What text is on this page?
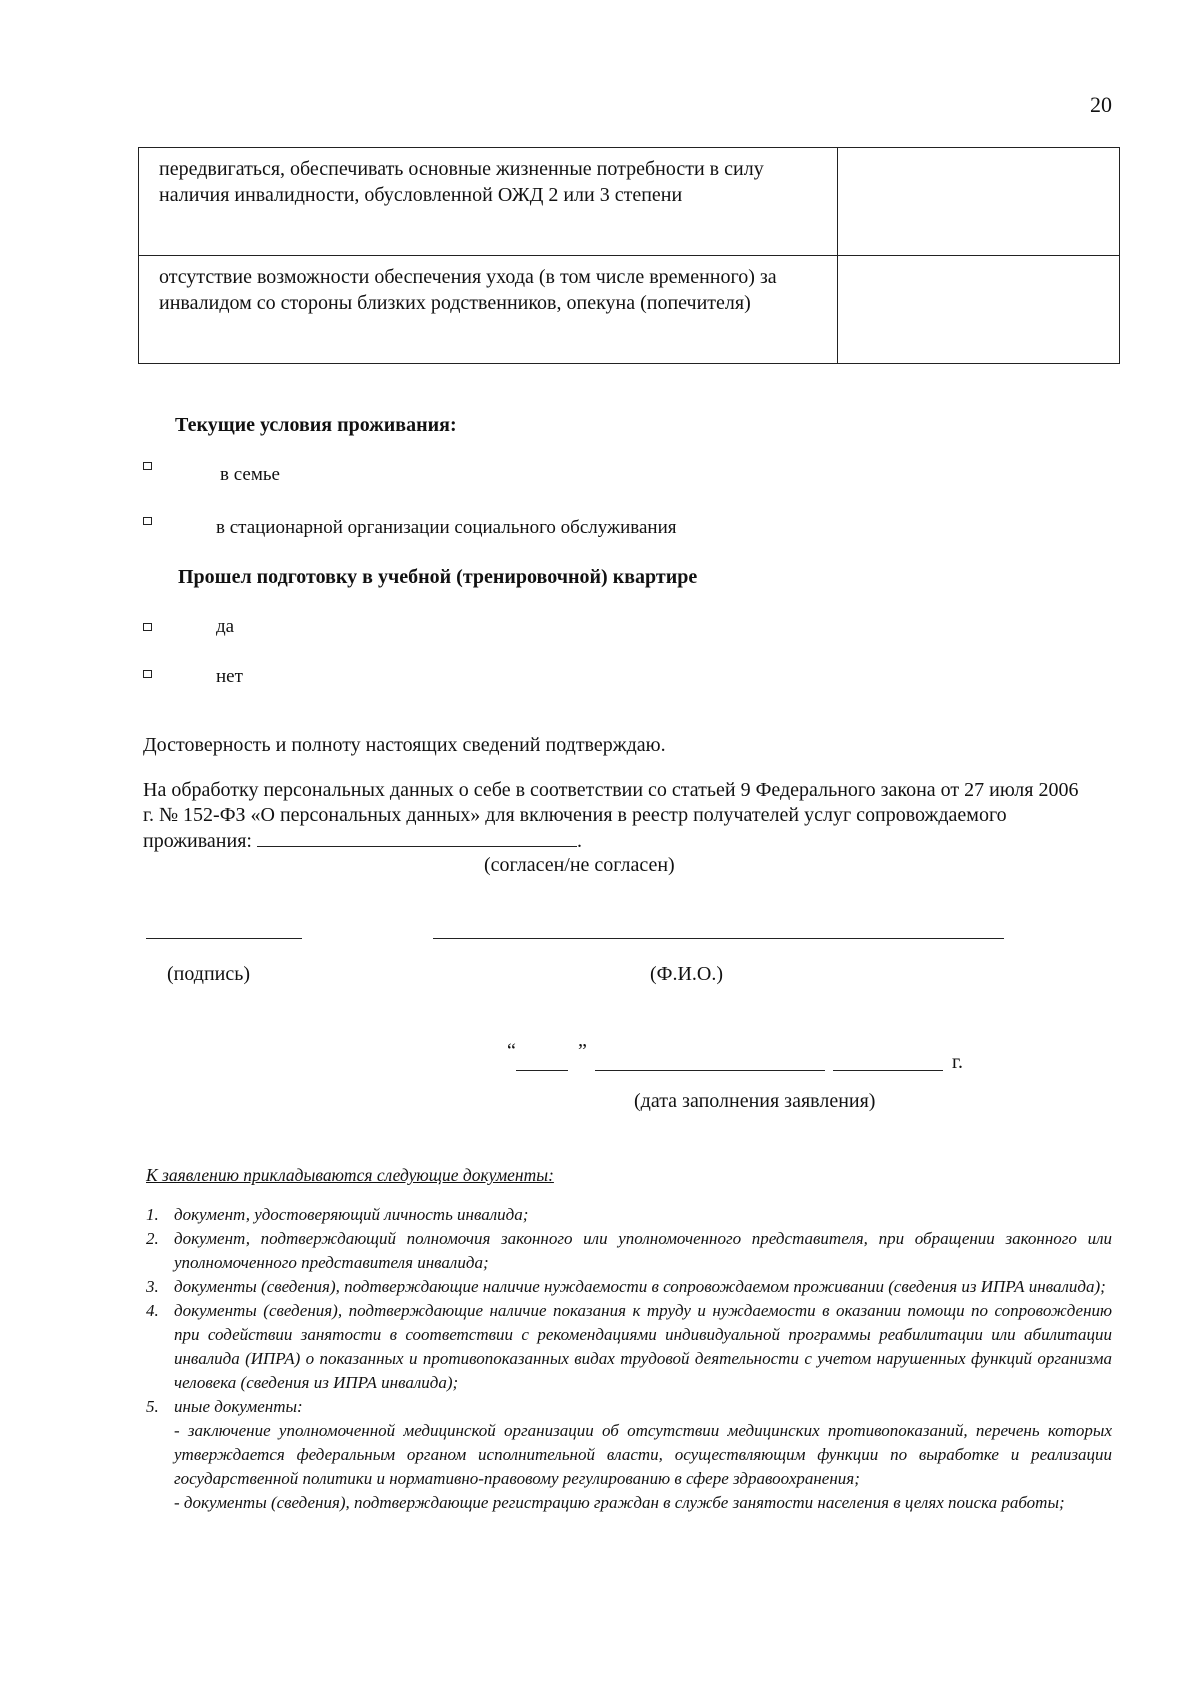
20
передвигаться, обеспечивать основные жизненные потребности в силу наличия инвалидности, обусловленной ОЖД 2 или 3 степени	
отсутствие возможности обеспечения ухода (в том числе временного) за инвалидом со стороны близких родственников, опекуна (попечителя)	
Текущие условия проживания:
в семье
в стационарной организации социального обслуживания
Прошел подготовку в учебной (тренировочной) квартире
да
нет
Достоверность и полноту настоящих сведений подтверждаю.
На обработку персональных данных о себе в соответствии со статьей 9 Федерального закона от 27 июля 2006 г. № 152-ФЗ «О персональных данных» для включения в реестр получателей услуг сопровождаемого проживания:	.
(согласен/не согласен)
(подпись)	(Ф.И.О.)
“	”	г.
(дата заполнения заявления)
К заявлению прикладываются следующие документы:
1. документ, удостоверяющий личность инвалида;
2. документ, подтверждающий полномочия законного или уполномоченного представителя, при обращении законного или уполномоченного представителя инвалида;
3. документы (сведения), подтверждающие наличие нуждаемости в сопровождаемом проживании (сведения из ИПРА инвалида);
4. документы (сведения), подтверждающие наличие показания к труду и нуждаемости в оказании помощи по сопровождению при содействии занятости в соответствии с рекомендациями индивидуальной программы реабилитации или абилитации инвалида (ИПРА) о показанных и противопоказанных видах трудовой деятельности с учетом нарушенных функций организма человека (сведения из ИПРА инвалида);
5. иные документы:
- заключение уполномоченной медицинской организации об отсутствии медицинских противопоказаний, перечень которых утверждается федеральным органом исполнительной власти, осуществляющим функции по выработке и реализации государственной политики и нормативно-правовому регулированию в сфере здравоохранения;
- документы (сведения), подтверждающие регистрацию граждан в службе занятости населения в целях поиска работы;
